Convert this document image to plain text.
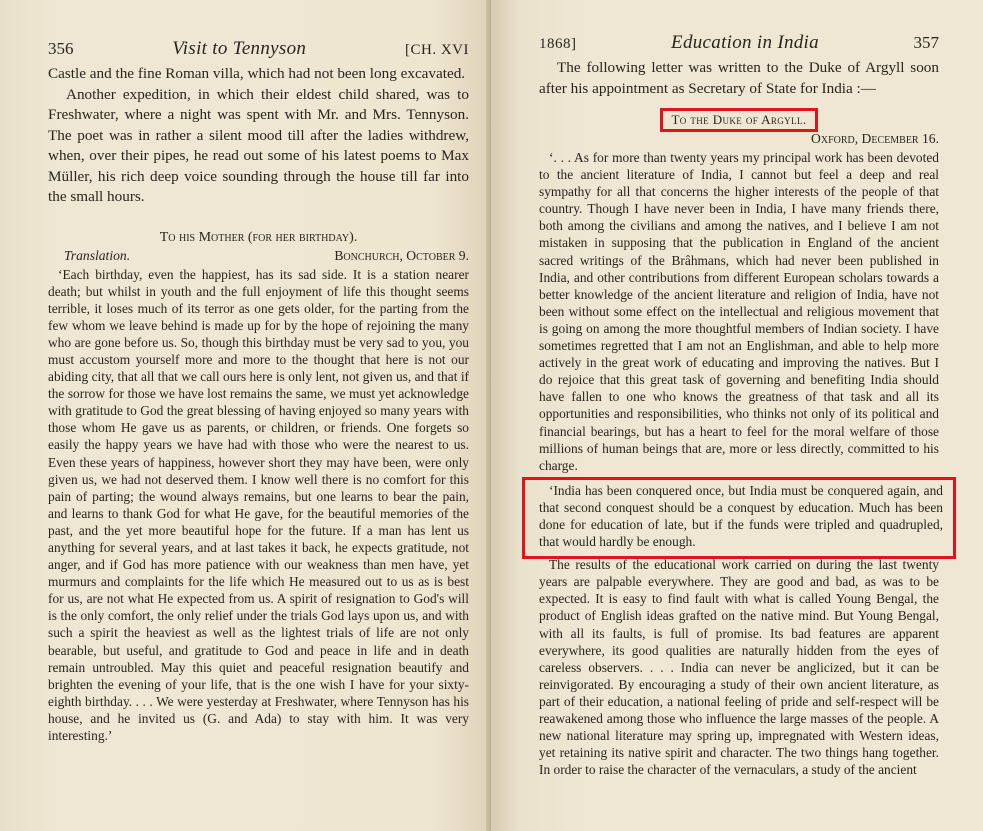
356	Visit to Tennyson	[CH. XVI

Castle and the fine Roman villa, which had not been long excavated.

Another expedition, in which their eldest child shared, was to Freshwater, where a night was spent with Mr. and Mrs. Tennyson. The poet was in rather a silent mood till after the ladies withdrew, when, over their pipes, he read out some of his latest poems to Max Müller, his rich deep voice sounding through the house till far into the small hours.

To his Mother (for her birthday).
Translation.	Bonchurch, October 9.

‘Each birthday, even the happiest, has its sad side. It is a station nearer death; but whilst in youth and the full enjoyment of life this thought seems terrible, it loses much of its terror as one gets older, for the parting from the few whom we leave behind is made up for by the hope of rejoining the many who are gone before us. So, though this birthday must be very sad to you, you must accustom yourself more and more to the thought that here is not our abiding city, that all that we call ours here is only lent, not given us, and that if the sorrow for those we have lost remains the same, we must yet acknowledge with gratitude to God the great blessing of having enjoyed so many years with those whom He gave us as parents, or children, or friends. One forgets so easily the happy years we have had with those who were the nearest to us. Even these years of happiness, however short they may have been, were only given us, we had not deserved them. I know well there is no comfort for this pain of parting; the wound always remains, but one learns to bear the pain, and learns to thank God for what He gave, for the beautiful memories of the past, and the yet more beautiful hope for the future. If a man has lent us anything for several years, and at last takes it back, he expects gratitude, not anger, and if God has more patience with our weakness than men have, yet murmurs and complaints for the life which He measured out to us as is best for us, are not what He expected from us. A spirit of resignation to God's will is the only comfort, the only relief under the trials God lays upon us, and with such a spirit the heaviest as well as the lightest trials of life are not only bearable, but useful, and gratitude to God and peace in life and in death remain untroubled. May this quiet and peaceful resignation beautify and brighten the evening of your life, that is the one wish I have for your sixty-eighth birthday. . . . We were yesterday at Freshwater, where Tennyson has his house, and he invited us (G. and Ada) to stay with him. It was very interesting.’

1868]	Education in India	357

The following letter was written to the Duke of Argyll soon after his appointment as Secretary of State for India :—

To the Duke of Argyll.
Oxford, December 16.

‘. . . As for more than twenty years my principal work has been devoted to the ancient literature of India, I cannot but feel a deep and real sympathy for all that concerns the higher interests of the people of that country. Though I have never been in India, I have many friends there, both among the civilians and among the natives, and I believe I am not mistaken in supposing that the publication in England of the ancient sacred writings of the Brâhmans, which had never been published in India, and other contributions from different European scholars towards a better knowledge of the ancient literature and religion of India, have not been without some effect on the intellectual and religious movement that is going on among the more thoughtful members of Indian society. I have sometimes regretted that I am not an Englishman, and able to help more actively in the great work of educating and improving the natives. But I do rejoice that this great task of governing and benefiting India should have fallen to one who knows the greatness of that task and all its opportunities and responsibilities, who thinks not only of its political and financial bearings, but has a heart to feel for the moral welfare of those millions of human beings that are, more or less directly, committed to his charge.

‘India has been conquered once, but India must be conquered again, and that second conquest should be a conquest by education. Much has been done for education of late, but if the funds were tripled and quadrupled, that would hardly be enough.

The results of the educational work carried on during the last twenty years are palpable everywhere. They are good and bad, as was to be expected. It is easy to find fault with what is called Young Bengal, the product of English ideas grafted on the native mind. But Young Bengal, with all its faults, is full of promise. Its bad features are apparent everywhere, its good qualities are naturally hidden from the eyes of careless observers. . . . India can never be anglicized, but it can be reinvigorated. By encouraging a study of their own ancient literature, as part of their education, a national feeling of pride and self-respect will be reawakened among those who influence the large masses of the people. A new national literature may spring up, impregnated with Western ideas, yet retaining its native spirit and character. The two things hang together. In order to raise the character of the vernaculars, a study of the ancient
